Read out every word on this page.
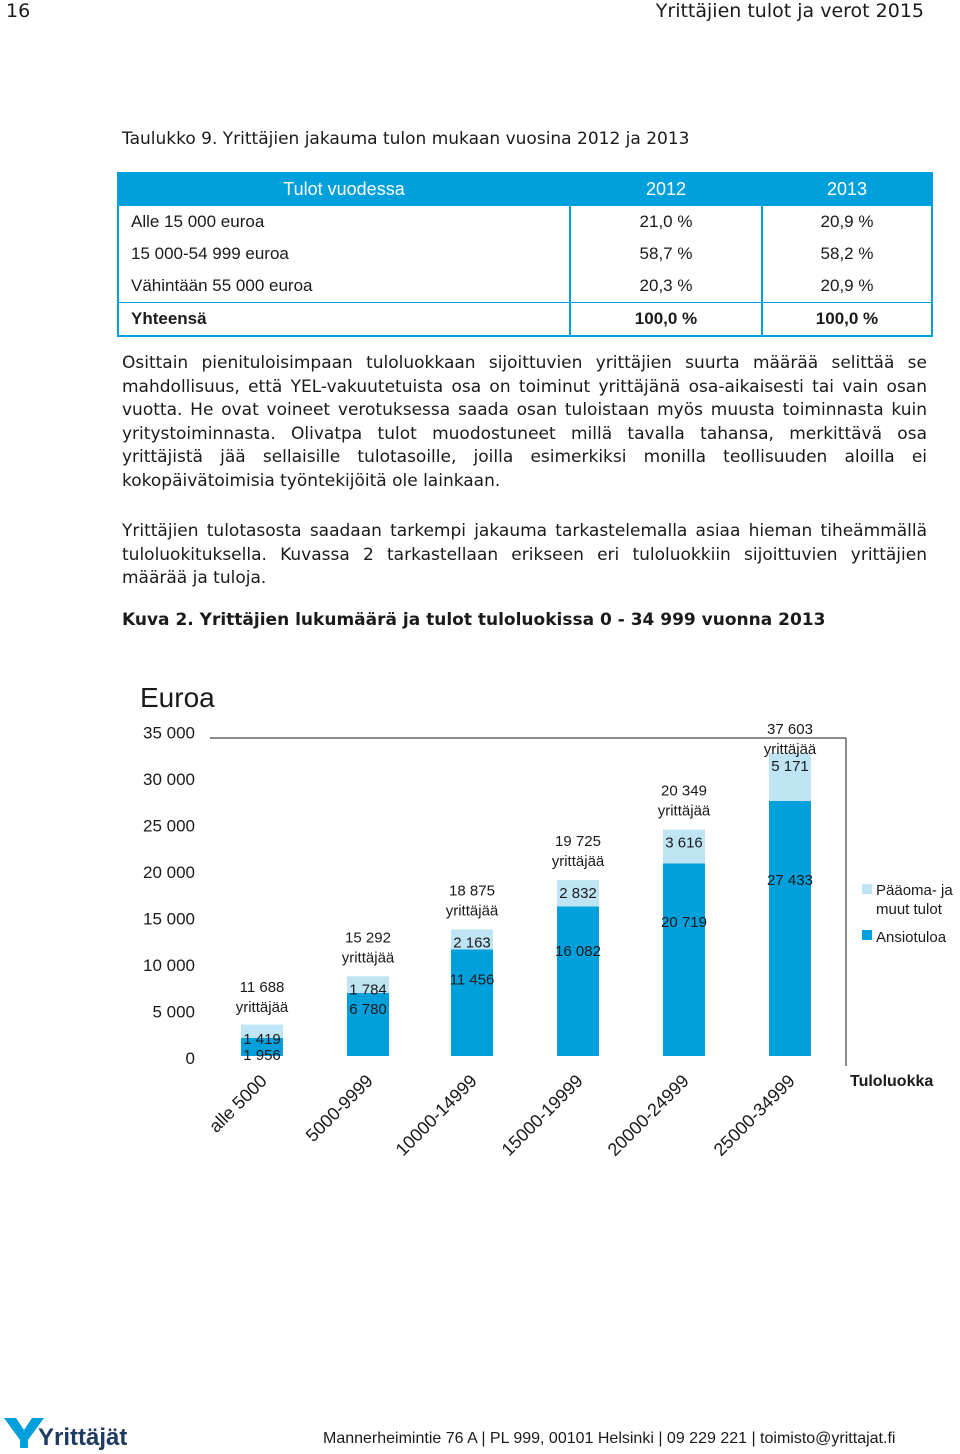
16	Yrittäjien tulot ja verot 2015
Taulukko 9. Yrittäjien jakauma tulon mukaan vuosina 2012 ja 2013
Tulot vuodessa	2012	2013
Alle 15 000 euroa	21,0 %	20,9 %
15 000-54 999 euroa	58,7 %	58,2 %
Vähintään 55 000 euroa	20,3 %	20,9 %
Yhteensä	100,0 %	100,0 %
Osittain pienituloisimpaan tuloluokkaan sijoittuvien yrittäjien suurta määrää selittää se mahdollisuus, että YEL-vakuutetuista osa on toiminut yrittäjänä osa-aikaisesti tai vain osan vuotta. He ovat voineet verotuksessa saada osan tuloistaan myös muusta toiminnasta kuin yritystoiminnasta. Olivatpa tulot muodostuneet millä tavalla tahansa, merkittävä osa yrittäjistä jää sellaisille tulotasoille, joilla esimerkiksi monilla teollisuuden aloilla ei kokopäivätoimisia työntekijöitä ole lainkaan.
Yrittäjien tulotasosta saadaan tarkempi jakauma tarkastelemalla asiaa hieman tiheämmällä tuloluokituksella. Kuvassa 2 tarkastellaan erikseen eri tuloluokkiin sijoittuvien yrittäjien määrää ja tuloja.
Kuva 2. Yrittäjien lukumäärä ja tulot tuloluokissa 0 - 34 999 vuonna 2013
Euroa
0
5 000
10 000
15 000
20 000
25 000
30 000
35 000
1 956
1 419
11 688 yrittäjää	6 780
1 784
15 292 yrittäjää
11 456
2 163
18 875 yrittäjää
16 082
2 832
19 725 yrittäjää
20 719
3 616
20 349 yrittäjää
27 433
5 171
37 603 yrittäjää
alle 5000 5000-9999 10000-14999 15000-19999 20000-24999 25000-34999
Pääoma- ja muut tulot
Ansiotuloa
Tuloluokka
Yrittäjät	Mannerheimintie 76 A | PL 999, 00101 Helsinki | 09 229 221 | toimisto@yrittajat.fi
